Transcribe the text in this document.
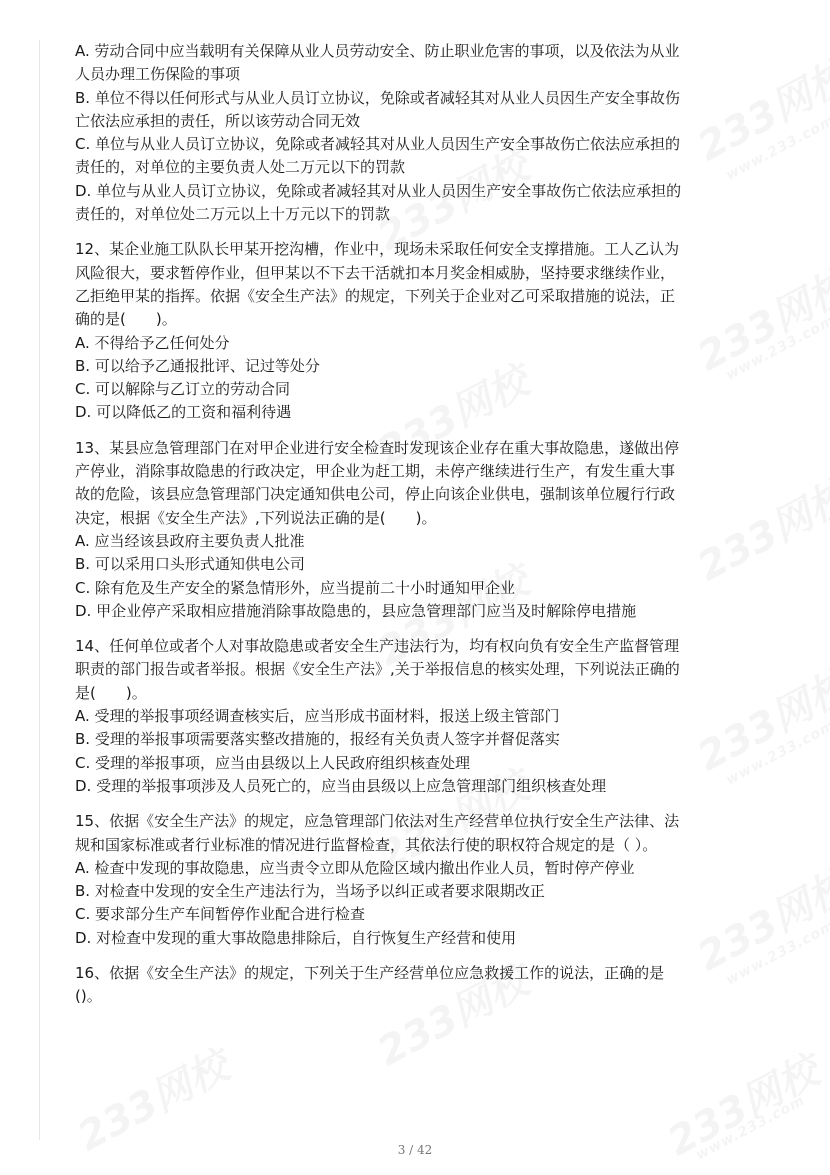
A. 劳动合同中应当载明有关保障从业人员劳动安全、防止职业危害的事项，以及依法为从业
人员办理工伤保险的事项
B. 单位不得以任何形式与从业人员订立协议，免除或者减轻其对从业人员因生产安全事故伤
亡依法应承担的责任，所以该劳动合同无效
C. 单位与从业人员订立协议，免除或者减轻其对从业人员因生产安全事故伤亡依法应承担的
责任的，对单位的主要负责人处二万元以下的罚款
D. 单位与从业人员订立协议，免除或者减轻其对从业人员因生产安全事故伤亡依法应承担的
责任的，对单位处二万元以上十万元以下的罚款
12、某企业施工队队长甲某开挖沟槽，作业中，现场未采取任何安全支撑措施。工人乙认为
风险很大，要求暂停作业，但甲某以不下去干活就扣本月奖金相威胁，坚持要求继续作业，
乙拒绝甲某的指挥。依据《安全生产法》的规定，下列关于企业对乙可采取措施的说法，正
确的是(　　)。
A. 不得给予乙任何处分
B. 可以给予乙通报批评、记过等处分
C. 可以解除与乙订立的劳动合同
D. 可以降低乙的工资和福利待遇
13、某县应急管理部门在对甲企业进行安全检查时发现该企业存在重大事故隐患，遂做出停
产停业，消除事故隐患的行政决定，甲企业为赶工期，未停产继续进行生产，有发生重大事
故的危险，该县应急管理部门决定通知供电公司，停止向该企业供电，强制该单位履行行政
决定，根据《安全生产法》,下列说法正确的是(　　)。
A. 应当经该县政府主要负责人批准
B. 可以采用口头形式通知供电公司
C. 除有危及生产安全的紧急情形外，应当提前二十小时通知甲企业
D. 甲企业停产采取相应措施消除事故隐患的，县应急管理部门应当及时解除停电措施
14、任何单位或者个人对事故隐患或者安全生产违法行为，均有权向负有安全生产监督管理
职责的部门报告或者举报。根据《安全生产法》,关于举报信息的核实处理，下列说法正确的
是(　　)。
A. 受理的举报事项经调查核实后，应当形成书面材料，报送上级主管部门
B. 受理的举报事项需要落实整改措施的，报经有关负责人签字并督促落实
C. 受理的举报事项，应当由县级以上人民政府组织核查处理
D. 受理的举报事项涉及人员死亡的，应当由县级以上应急管理部门组织核查处理
15、依据《安全生产法》的规定，应急管理部门依法对生产经营单位执行安全生产法律、法
规和国家标准或者行业标准的情况进行监督检查，其依法行使的职权符合规定的是（ ）。
A. 检查中发现的事故隐患，应当责令立即从危险区域内撤出作业人员，暂时停产停业
B. 对检查中发现的安全生产违法行为，当场予以纠正或者要求限期改正
C. 要求部分生产车间暂停作业配合进行检查
D. 对检查中发现的重大事故隐患排除后，自行恢复生产经营和使用
16、依据《安全生产法》的规定，下列关于生产经营单位应急救援工作的说法，正确的是
()。
3 / 42
